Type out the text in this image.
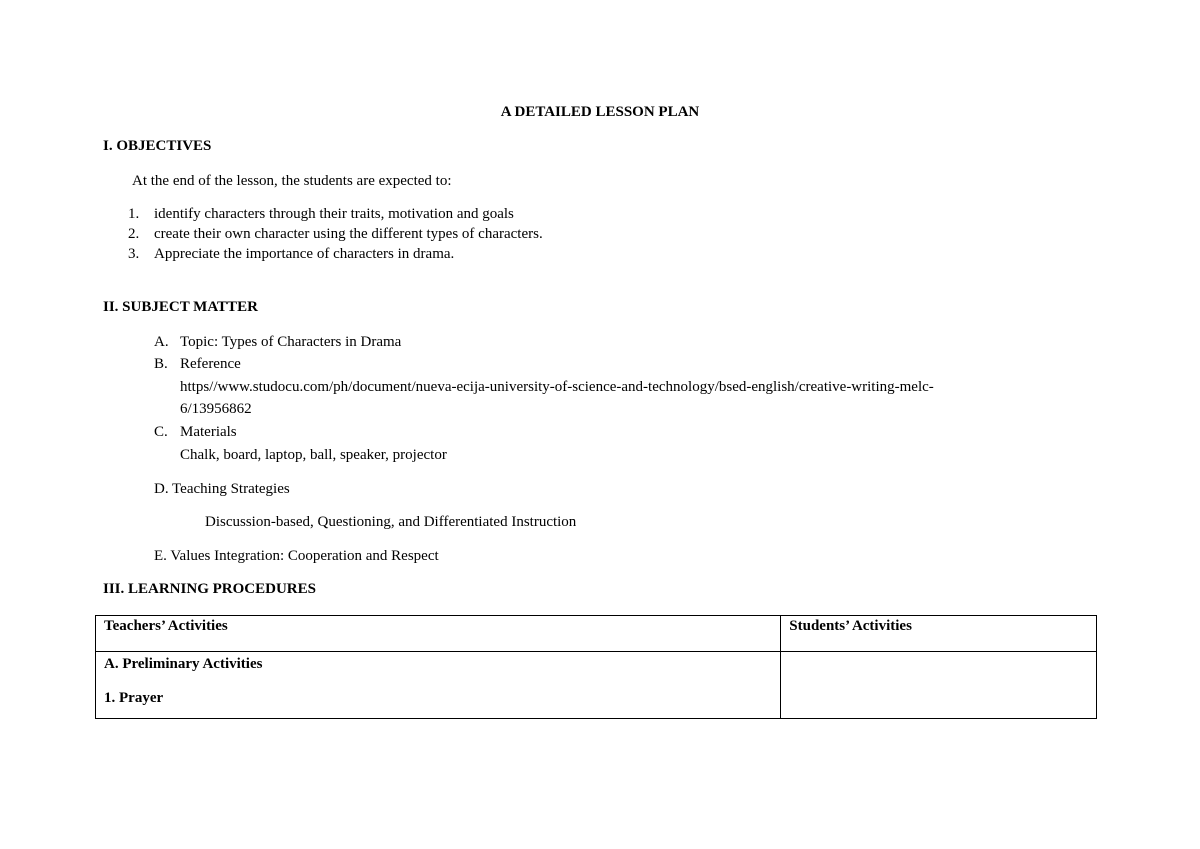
A DETAILED LESSON PLAN
I. OBJECTIVES
At the end of the lesson, the students are expected to:
1. identify characters through their traits, motivation and goals
2. create their own character using the different types of characters.
3. Appreciate the importance of characters in drama.
II. SUBJECT MATTER
A. Topic: Types of Characters in Drama
B. Reference
https//www.studocu.com/ph/document/nueva-ecija-university-of-science-and-technology/bsed-english/creative-writing-melc-
6/13956862
C. Materials
Chalk, board, laptop, ball, speaker, projector
D. Teaching Strategies
Discussion-based, Questioning, and Differentiated Instruction
E. Values Integration: Cooperation and Respect
III. LEARNING PROCEDURES
Teachers’ Activities	Students’ Activities

A. Preliminary Activities
1. Prayer	
